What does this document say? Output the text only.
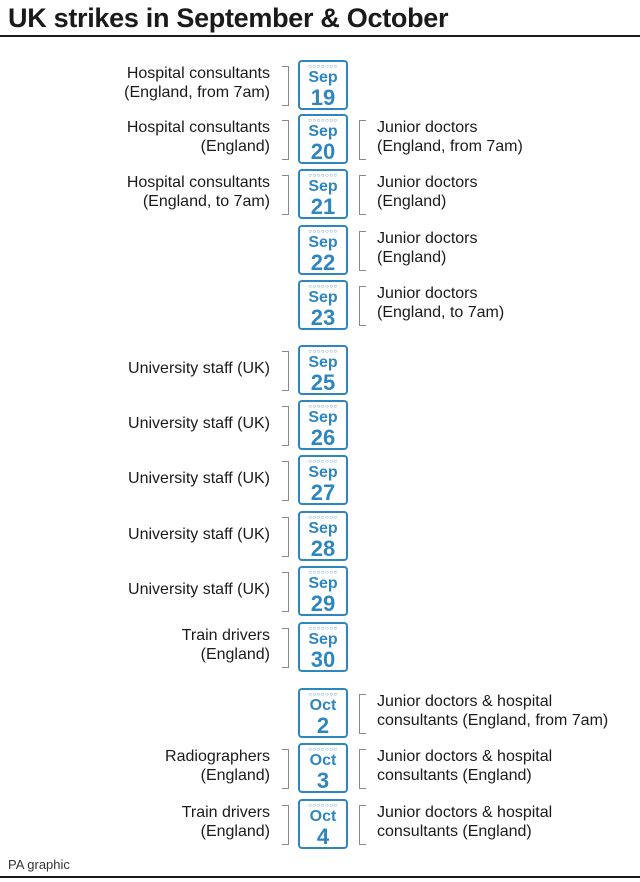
UK strikes in September & October
Hospital consultants
(England, from 7am)
○○○○○○○
Sep
19
Hospital consultants
(England)
○○○○○○○
Sep
20
Junior doctors
(England, from 7am)
Hospital consultants
(England, to 7am)
○○○○○○○
Sep
21
Junior doctors
(England)
○○○○○○○
Sep
22
Junior doctors
(England)
○○○○○○○
Sep
23
Junior doctors
(England, to 7am)
University staff (UK)
○○○○○○○
Sep
25
University staff (UK)
○○○○○○○
Sep
26
University staff (UK)
○○○○○○○
Sep
27
University staff (UK)
○○○○○○○
Sep
28
University staff (UK)
○○○○○○○
Sep
29
Train drivers
(England)
○○○○○○○
Sep
30
○○○○○○○
Oct
2
Junior doctors & hospital
consultants (England, from 7am)
Radiographers
(England)
○○○○○○○
Oct
3
Junior doctors & hospital
consultants (England)
Train drivers
(England)
○○○○○○○
Oct
4
Junior doctors & hospital
consultants (England)
PA graphic
